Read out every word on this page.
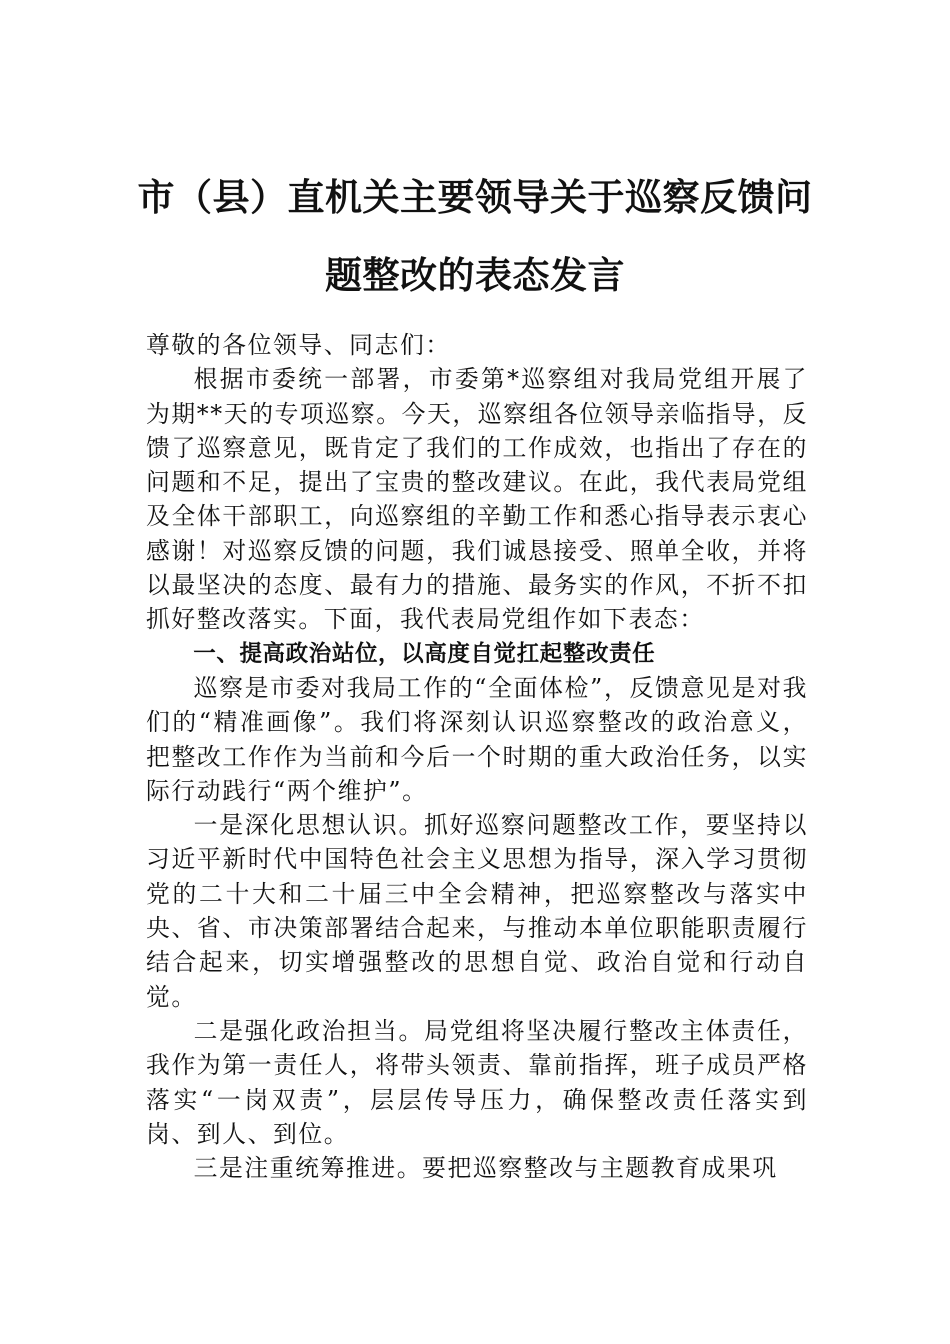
市（县）直机关主要领导关于巡察反馈问
题整改的表态发言

尊敬的各位领导、同志们：

根据市委统一部署，市委第*巡察组对我局党组开展了为期**天的专项巡察。今天，巡察组各位领导亲临指导，反馈了巡察意见，既肯定了我们的工作成效，也指出了存在的问题和不足，提出了宝贵的整改建议。在此，我代表局党组及全体干部职工，向巡察组的辛勤工作和悉心指导表示衷心感谢！对巡察反馈的问题，我们诚恳接受、照单全收，并将以最坚决的态度、最有力的措施、最务实的作风，不折不扣抓好整改落实。下面，我代表局党组作如下表态：

一、提高政治站位，以高度自觉扛起整改责任

巡察是市委对我局工作的“全面体检”，反馈意见是对我们的“精准画像”。我们将深刻认识巡察整改的政治意义，把整改工作作为当前和今后一个时期的重大政治任务，以实际行动践行“两个维护”。

一是深化思想认识。抓好巡察问题整改工作，要坚持以习近平新时代中国特色社会主义思想为指导，深入学习贯彻党的二十大和二十届三中全会精神，把巡察整改与落实中央、省、市决策部署结合起来，与推动本单位职能职责履行结合起来，切实增强整改的思想自觉、政治自觉和行动自觉。

二是强化政治担当。局党组将坚决履行整改主体责任，我作为第一责任人，将带头领责、靠前指挥，班子成员严格落实“一岗双责”，层层传导压力，确保整改责任落实到岗、到人、到位。

三是注重统筹推进。要把巡察整改与主题教育成果巩
